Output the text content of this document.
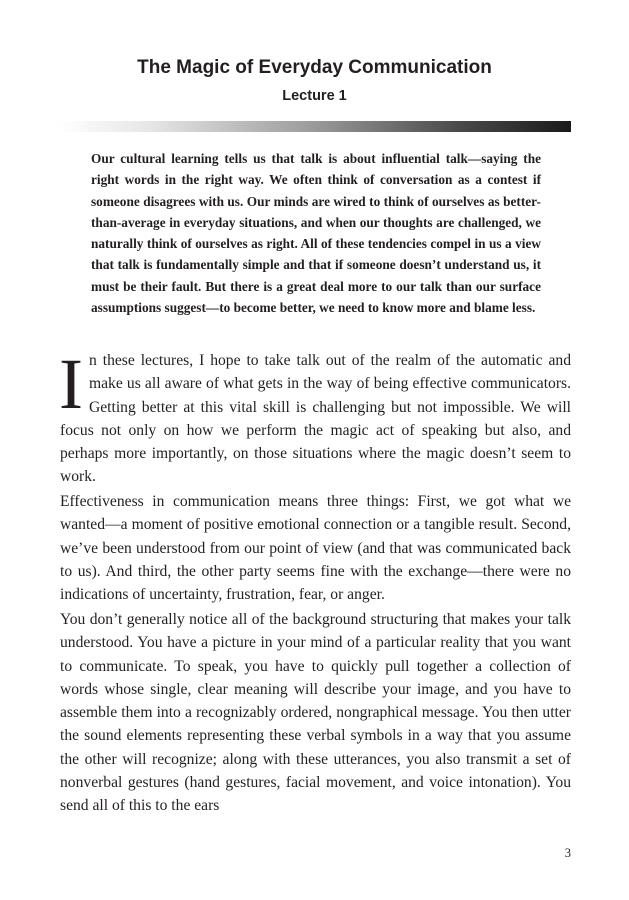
The Magic of Everyday Communication
Lecture 1

Our cultural learning tells us that talk is about influential talk—saying the right words in the right way. We often think of conversation as a contest if someone disagrees with us. Our minds are wired to think of ourselves as better-than-average in everyday situations, and when our thoughts are challenged, we naturally think of ourselves as right. All of these tendencies compel in us a view that talk is fundamentally simple and that if someone doesn’t understand us, it must be their fault. But there is a great deal more to our talk than our surface assumptions suggest—to become better, we need to know more and blame less.

In these lectures, I hope to take talk out of the realm of the automatic and make us all aware of what gets in the way of being effective communicators. Getting better at this vital skill is challenging but not impossible. We will focus not only on how we perform the magic act of speaking but also, and perhaps more importantly, on those situations where the magic doesn’t seem to work.

Effectiveness in communication means three things: First, we got what we wanted—a moment of positive emotional connection or a tangible result. Second, we’ve been understood from our point of view (and that was communicated back to us). And third, the other party seems fine with the exchange—there were no indications of uncertainty, frustration, fear, or anger.

You don’t generally notice all of the background structuring that makes your talk understood. You have a picture in your mind of a particular reality that you want to communicate. To speak, you have to quickly pull together a collection of words whose single, clear meaning will describe your image, and you have to assemble them into a recognizably ordered, nongraphical message. You then utter the sound elements representing these verbal symbols in a way that you assume the other will recognize; along with these utterances, you also transmit a set of nonverbal gestures (hand gestures, facial movement, and voice intonation). You send all of this to the ears

3
